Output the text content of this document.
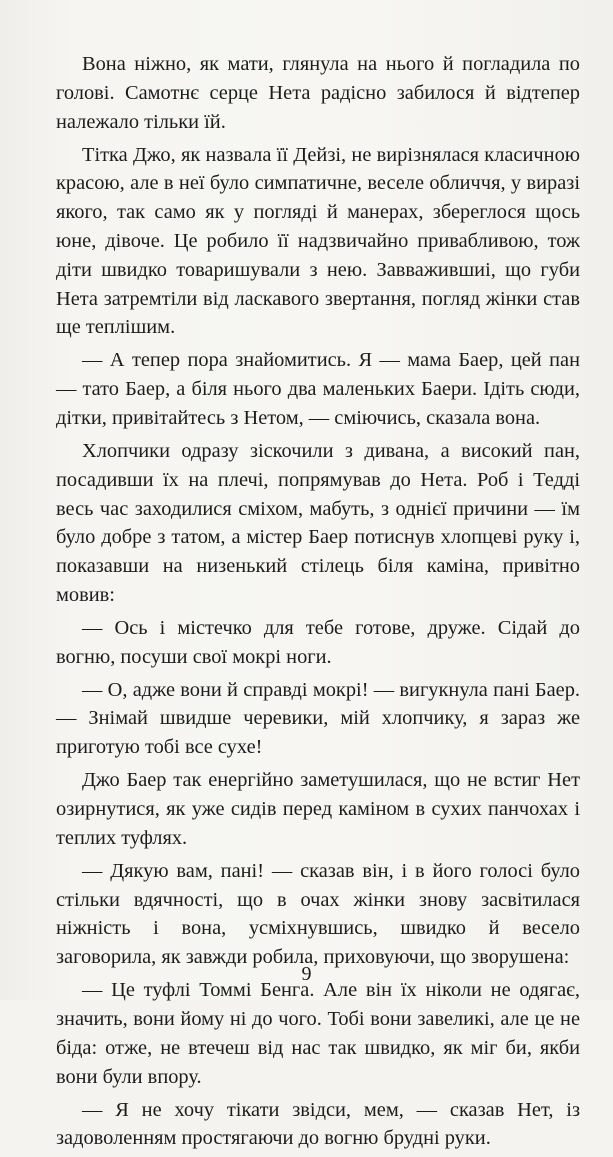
Вона ніжно, як мати, глянула на нього й погладила по голові. Самотнє серце Нета радісно забилося й відтепер належало тільки їй.

Тітка Джо, як назвала її Дейзі, не вирізнялася класичною красою, але в неї було симпатичне, веселе обличчя, у виразі якого, так само як у погляді й манерах, збереглося щось юне, дівоче. Це робило її надзвичайно привабливою, тож діти швидко товаришували з нею. Завважившиі, що губи Нета затремтіли від ласкавого звертання, погляд жінки став ще теплішим.

— А тепер пора знайомитись. Я — мама Баер, цей пан — тато Баер, а біля нього два маленьких Баери. Ідіть сюди, дітки, привітайтесь з Нетом, — сміючись, сказала вона.

Хлопчики одразу зіскочили з дивана, а високий пан, посадивши їх на плечі, попрямував до Нета. Роб і Тедді весь час заходилися сміхом, мабуть, з однієї причини — їм було добре з татом, а містер Баер потиснув хлопцеві руку і, показавши на низенький стілець біля каміна, привітно мовив:

— Ось і містечко для тебе готове, друже. Сідай до вогню, посуши свої мокрі ноги.

— О, адже вони й справді мокрі! — вигукнула пані Баер. — Знімай швидше черевики, мій хлопчику, я зараз же приготую тобі все сухе!

Джо Баер так енергійно заметушилася, що не встиг Нет озирнутися, як уже сидів перед каміном в сухих панчохах і теплих туфлях.

— Дякую вам, пані! — сказав він, і в його голосі було стільки вдячності, що в очах жінки знову засвітилася ніжність і вона, усміхнувшись, швидко й весело заговорила, як завжди робила, приховуючи, що зворушена:

— Це туфлі Томмі Бенга. Але він їх ніколи не одягає, значить, вони йому ні до чого. Тобі вони завеликі, але це не біда: отже, не втечеш від нас так швидко, як міг би, якби вони були впору.

— Я не хочу тікати звідси, мем, — сказав Нет, із задоволенням простягаючи до вогню брудні руки.

9
